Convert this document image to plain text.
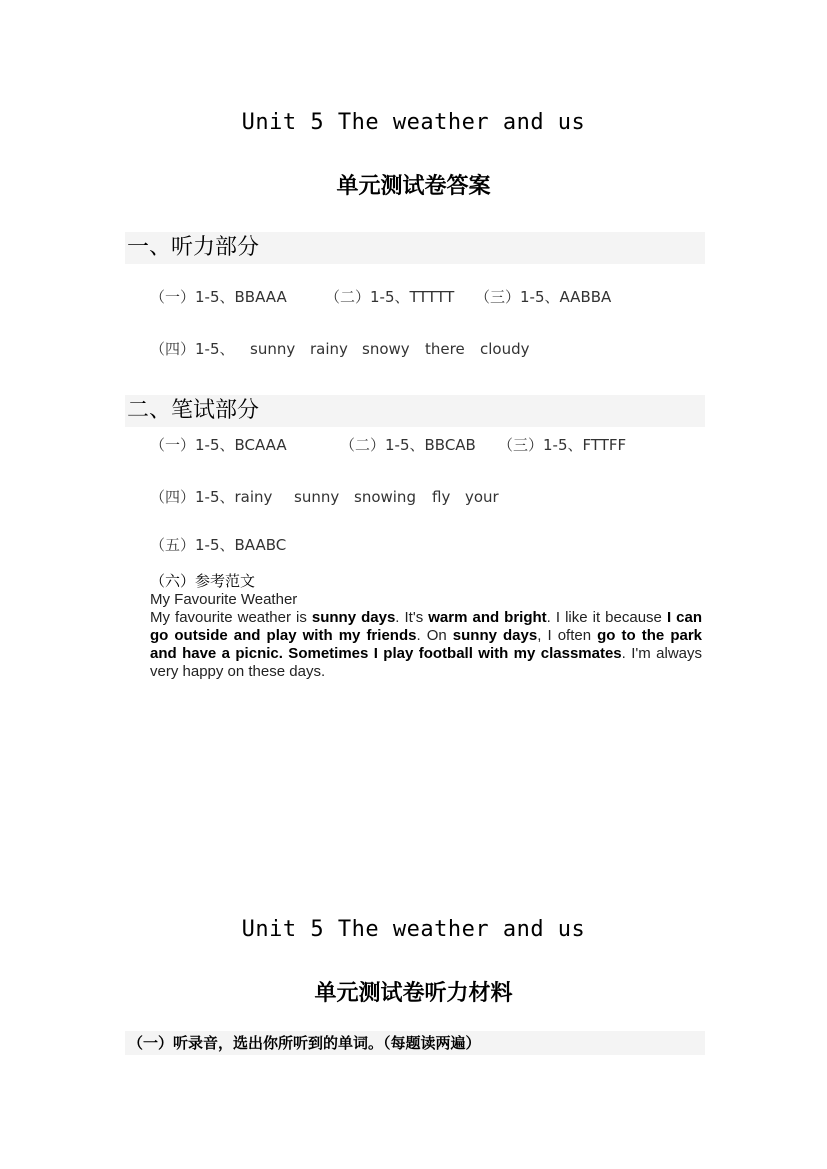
Unit 5 The weather and us
单元测试卷答案
一、听力部分
（一）1-5、BBAAA	（二）1-5、TTTTT （三）1-5、AABBA
（四）1-5、 sunny rainy snowy there cloudy
二、笔试部分
（一）1-5、BCAAA	（二）1-5、BBCAB （三）1-5、FTTFF
（四）1-5、rainy sunny snowing fly your
（五）1-5、BAABC
（六）参考范文
My Favourite Weather
My favourite weather is sunny days. It's warm and bright. I like it because I can go outside and play with my friends. On sunny days, I often go to the park and have a picnic. Sometimes I play football with my classmates. I'm always very happy on these days.
Unit 5 The weather and us
单元测试卷听力材料
（一）听录音，选出你所听到的单词。（每题读两遍）
